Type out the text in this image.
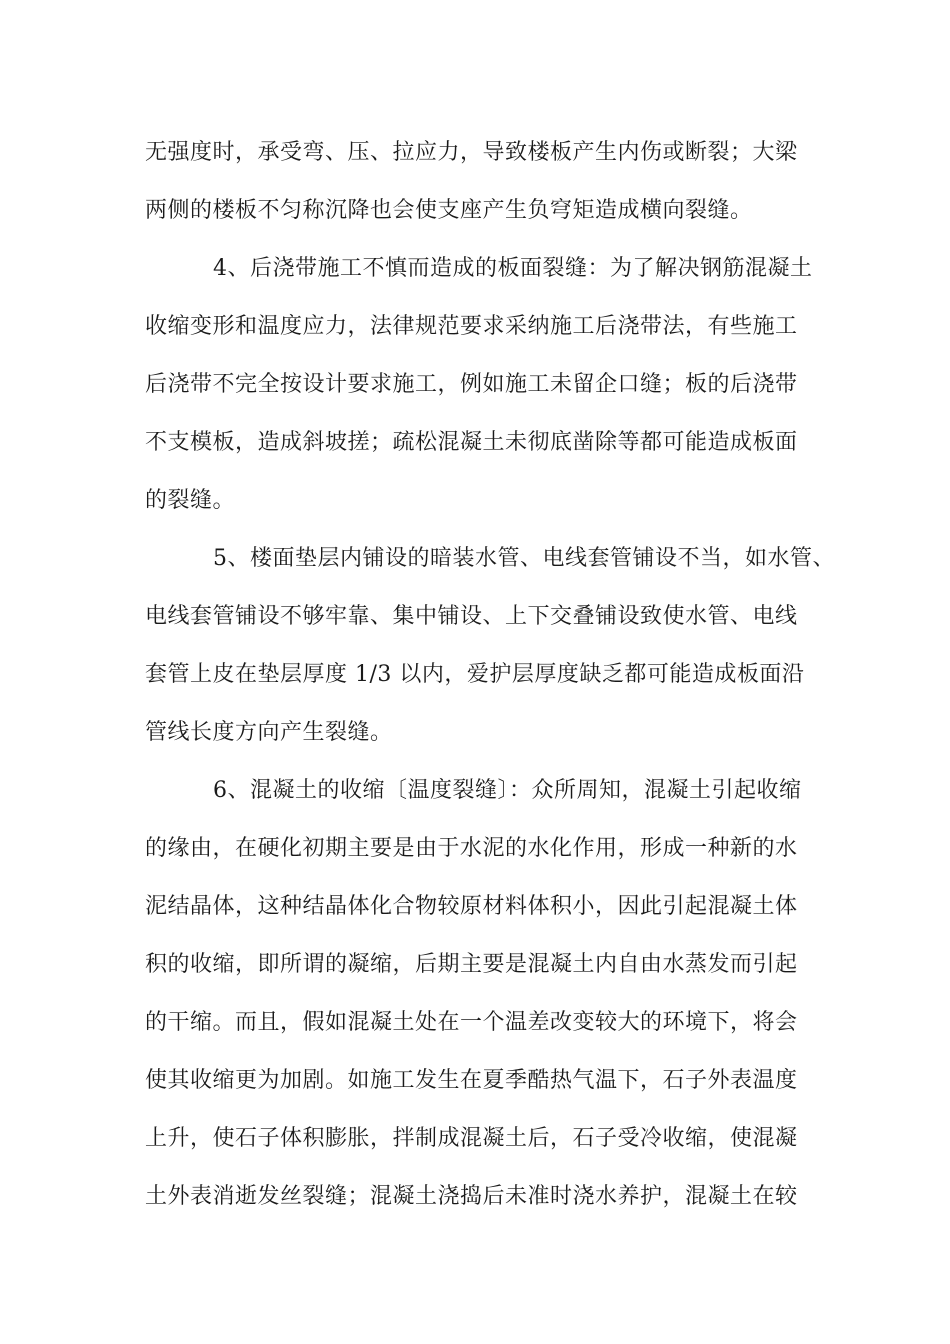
无强度时，承受弯、压、拉应力，导致楼板产生内伤或断裂；大梁
两侧的楼板不匀称沉降也会使支座产生负穹矩造成横向裂缝。
4、后浇带施工不慎而造成的板面裂缝：为了解决钢筋混凝土
收缩变形和温度应力，法律规范要求采纳施工后浇带法，有些施工
后浇带不完全按设计要求施工，例如施工未留企口缝；板的后浇带
不支模板，造成斜坡搓；疏松混凝土未彻底凿除等都可能造成板面
的裂缝。
5、楼面垫层内铺设的暗装水管、电线套管铺设不当，如水管、
电线套管铺设不够牢靠、集中铺设、上下交叠铺设致使水管、电线
套管上皮在垫层厚度 1/3 以内，爱护层厚度缺乏都可能造成板面沿
管线长度方向产生裂缝。
6、混凝土的收缩〔温度裂缝〕：众所周知，混凝土引起收缩
的缘由，在硬化初期主要是由于水泥的水化作用，形成一种新的水
泥结晶体，这种结晶体化合物较原材料体积小，因此引起混凝土体
积的收缩，即所谓的凝缩，后期主要是混凝土内自由水蒸发而引起
的干缩。而且，假如混凝土处在一个温差改变较大的环境下，将会
使其收缩更为加剧。如施工发生在夏季酷热气温下，石子外表温度
上升，使石子体积膨胀，拌制成混凝土后，石子受冷收缩，使混凝
土外表消逝发丝裂缝；混凝土浇捣后未准时浇水养护，混凝土在较
